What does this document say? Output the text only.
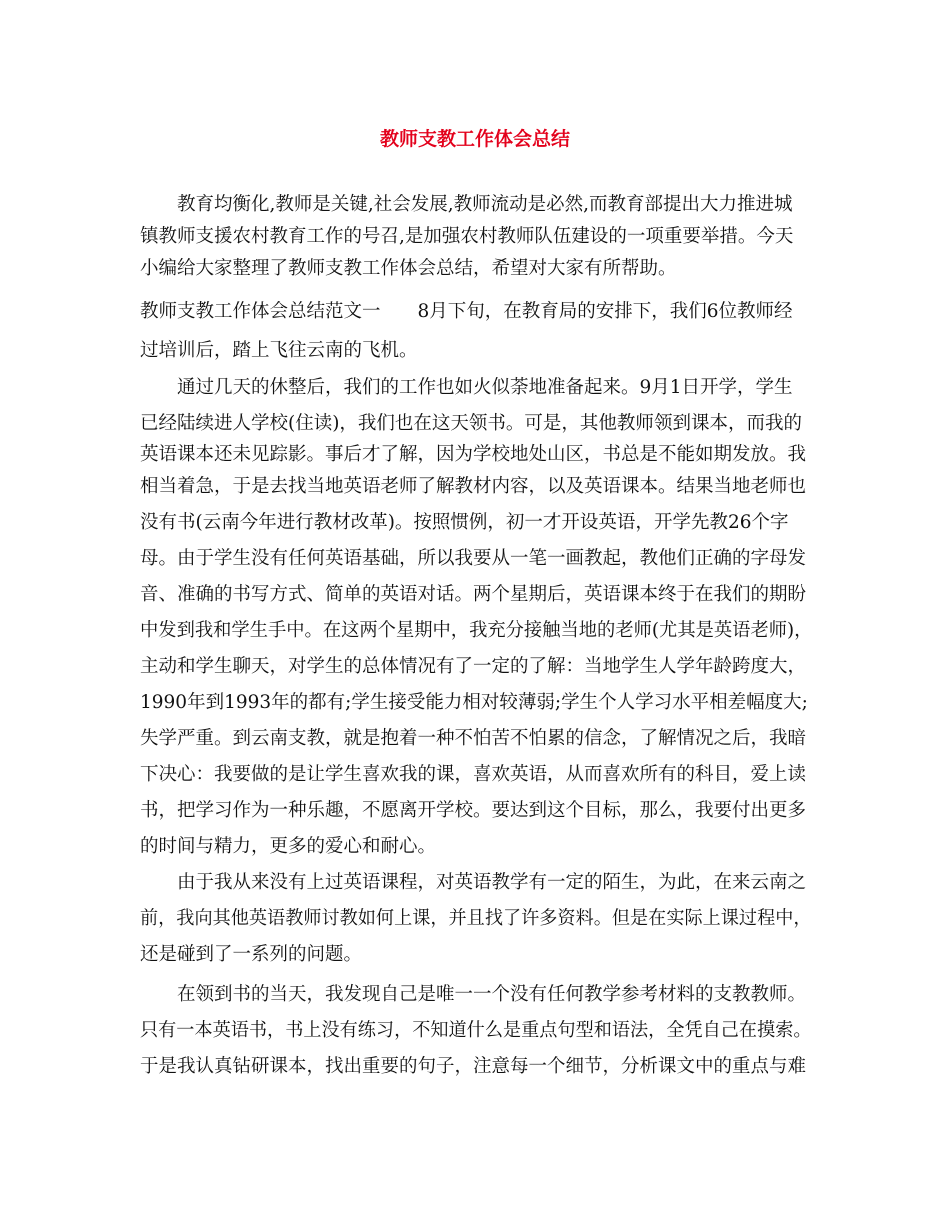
教师支教工作体会总结
教育均衡化,教师是关键,社会发展,教师流动是必然,而教育部提出大力推进城
镇教师支援农村教育工作的号召,是加强农村教师队伍建设的一项重要举措。今天
小编给大家整理了教师支教工作体会总结，希望对大家有所帮助。
教师支教工作体会总结范文一　　8月下旬，在教育局的安排下，我们6位教师经
过培训后，踏上飞往云南的飞机。
通过几天的休整后，我们的工作也如火似荼地准备起来。9月1日开学，学生
已经陆续进人学校(住读)，我们也在这天领书。可是，其他教师领到课本，而我的
英语课本还未见踪影。事后才了解，因为学校地处山区，书总是不能如期发放。我
相当着急，于是去找当地英语老师了解教材内容，以及英语课本。结果当地老师也
没有书(云南今年进行教材改革)。按照惯例，初一才开设英语，开学先教26个字
母。由于学生没有任何英语基础，所以我要从一笔一画教起，教他们正确的字母发
音、准确的书写方式、简单的英语对话。两个星期后，英语课本终于在我们的期盼
中发到我和学生手中。在这两个星期中，我充分接触当地的老师(尤其是英语老师)，
主动和学生聊天，对学生的总体情况有了一定的了解：当地学生人学年龄跨度大，
1990年到1993年的都有;学生接受能力相对较薄弱;学生个人学习水平相差幅度大;
失学严重。到云南支教，就是抱着一种不怕苦不怕累的信念，了解情况之后，我暗
下决心：我要做的是让学生喜欢我的课，喜欢英语，从而喜欢所有的科目，爱上读
书，把学习作为一种乐趣，不愿离开学校。要达到这个目标，那么，我要付出更多
的时间与精力，更多的爱心和耐心。
由于我从来没有上过英语课程，对英语教学有一定的陌生，为此，在来云南之
前，我向其他英语教师讨教如何上课，并且找了许多资料。但是在实际上课过程中，
还是碰到了一系列的问题。
在领到书的当天，我发现自己是唯一一个没有任何教学参考材料的支教教师。
只有一本英语书，书上没有练习，不知道什么是重点句型和语法，全凭自己在摸索。
于是我认真钻研课本，找出重要的句子，注意每一个细节，分析课文中的重点与难
